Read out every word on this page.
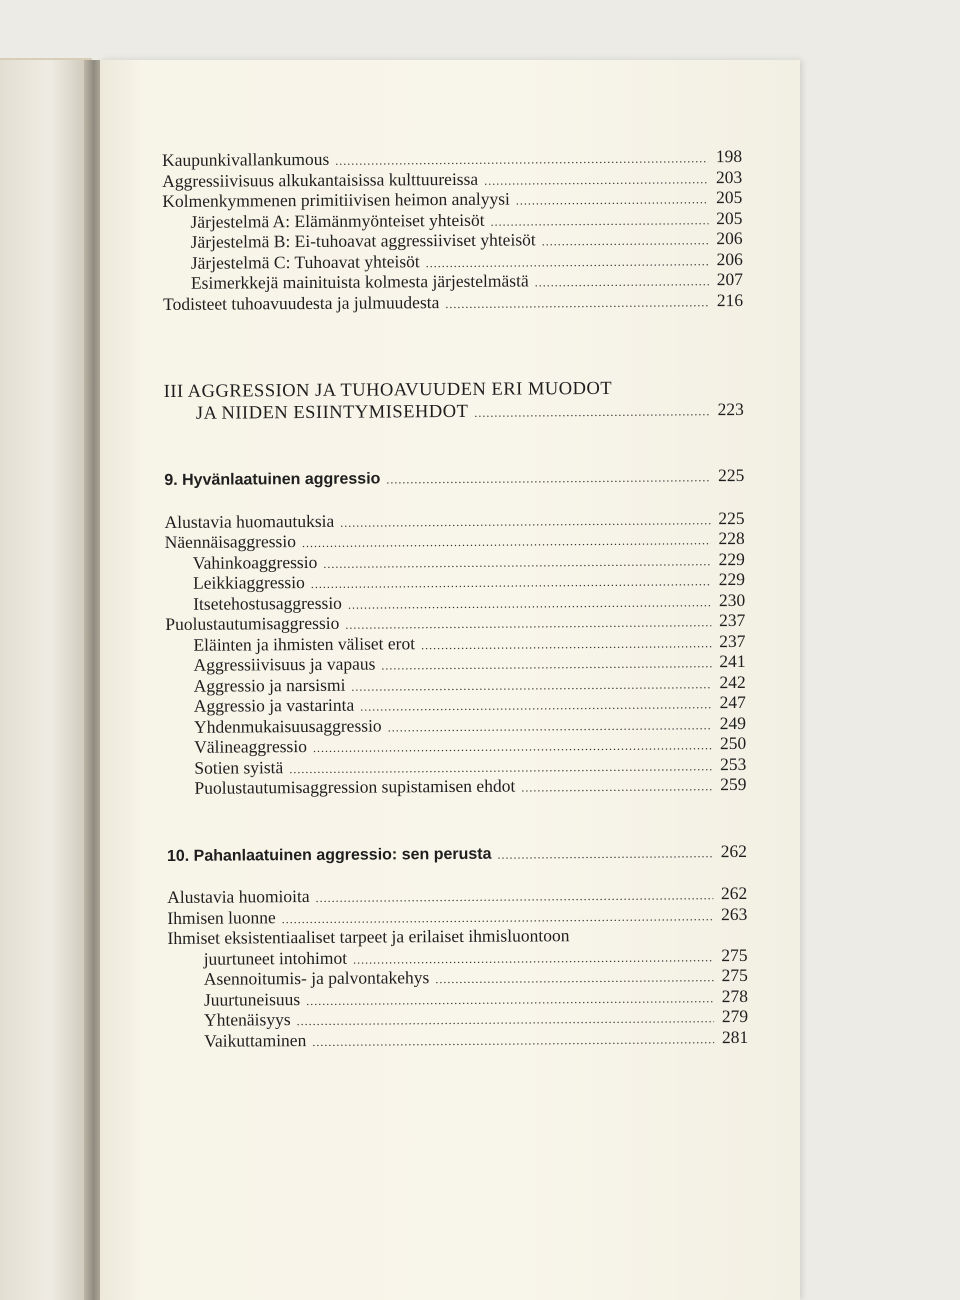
Kaupunkivallankumous .....	198
Aggressiivisuus alkukantaisissa kulttuureissa .....	203
Kolmenkymmenen primitiivisen heimon analyysi .....	205
Järjestelmä A: Elämänmyönteiset yhteisöt .....	205
Järjestelmä B: Ei-tuhoavat aggressiiviset yhteisöt .....	206
Järjestelmä C: Tuhoavat yhteisöt .....	206
Esimerkkejä mainituista kolmesta järjestelmästä .....	207
Todisteet tuhoavuudesta ja julmuudesta .....	216
III AGGRESSION JA TUHOAVUUDEN ERI MUODOT
JA NIIDEN ESIINTYMISEHDOT .....	223
9. Hyvänlaatuinen aggressio .....	225
Alustavia huomautuksia .....	225
Näennäisaggressio .....	228
Vahinkoaggressio .....	229
Leikkiaggressio .....	229
Itsetehostusaggressio .....	230
Puolustautumisaggressio .....	237
Eläinten ja ihmisten väliset erot .....	237
Aggressiivisuus ja vapaus .....	241
Aggressio ja narsismi .....	242
Aggressio ja vastarinta .....	247
Yhdenmukaisuusaggressio .....	249
Välineaggressio .....	250
Sotien syistä .....	253
Puolustautumisaggression supistamisen ehdot .....	259
10. Pahanlaatuinen aggressio: sen perusta .....	262
Alustavia huomioita .....	262
Ihmisen luonne .....	263
Ihmiset eksistentiaaliset tarpeet ja erilaiset ihmisluontoon
juurtuneet intohimot .....	275
Asennoitumis- ja palvontakehys .....	275
Juurtuneisuus .....	278
Yhtenäisyys .....	279
Vaikuttaminen .....	281
